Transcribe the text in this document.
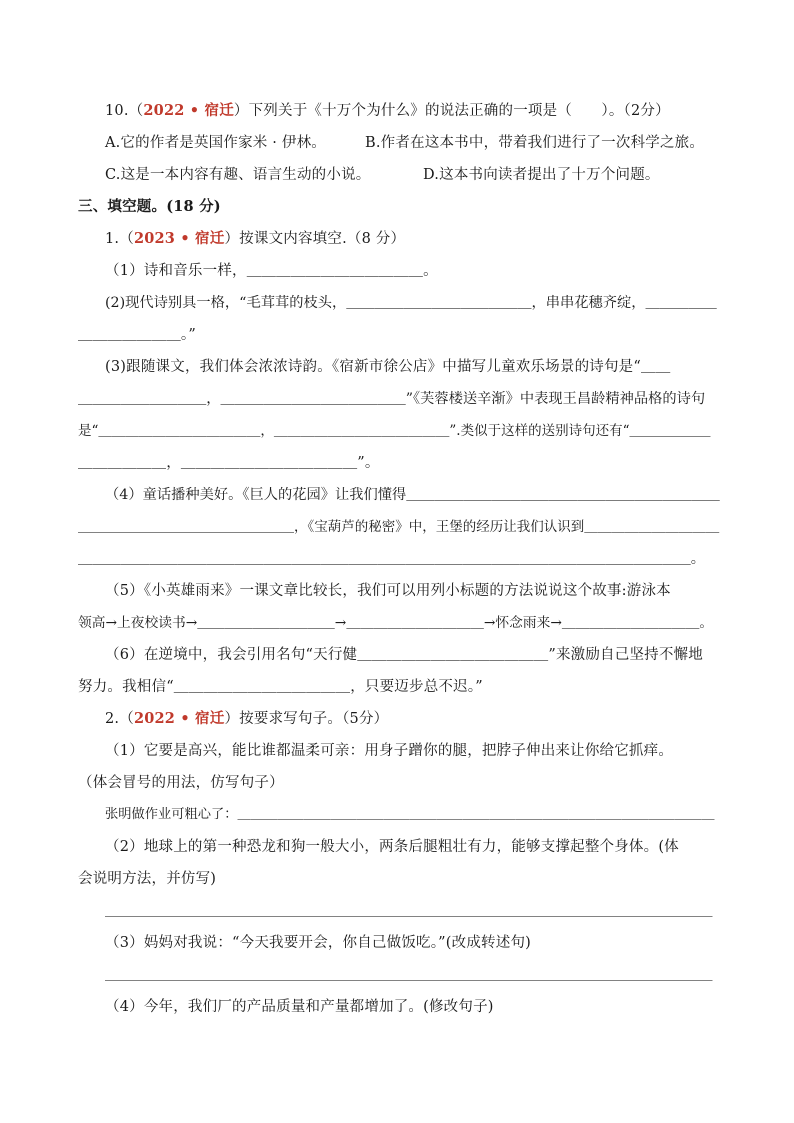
10.（2022 • 宿迁）下列关于《十万个为什么》的说法正确的一项是（　　）。（2分）
A.它的作者是英国作家米 · 伊林。	B.作者在这本书中，带着我们进行了一次科学之旅。
C.这是一本内容有趣、语言生动的小说。	D.这本书向读者提出了十万个问题。
三、填空题。(18 分)
1.（2023 • 宿迁）按课文内容填空.（8 分）
（1）诗和音乐一样，＿＿＿＿＿＿＿＿＿＿＿＿。
(2)现代诗别具一格，“毛茸茸的枝头，＿＿＿＿＿＿＿＿＿＿＿＿＿，串串花穗齐绽，＿＿＿＿＿
＿＿＿＿＿＿＿。”
(3)跟随课文，我们体会浓浓诗韵。《宿新市徐公店》中描写儿童欢乐场景的诗句是“＿＿
＿＿＿＿＿＿＿＿＿，＿＿＿＿＿＿＿＿＿＿＿＿＿”《芙蓉楼送辛渐》中表现王昌龄精神品格的诗句
是“＿＿＿＿＿＿＿＿＿＿＿＿，＿＿＿＿＿＿＿＿＿＿＿＿＿”.类似于这样的送别诗句还有“＿＿＿＿＿＿
＿＿＿＿＿＿，＿＿＿＿＿＿＿＿＿＿＿＿”。
（4）童话播种美好。《巨人的花园》让我们懂得＿＿＿＿＿＿＿＿＿＿＿＿＿＿＿＿＿＿＿＿＿＿
＿＿＿＿＿＿＿＿＿＿＿＿＿＿＿＿，《宝葫芦的秘密》中，王堡的经历让我们认识到＿＿＿＿＿＿＿＿＿＿
＿＿＿＿＿＿＿＿＿＿＿＿＿＿＿＿＿＿＿＿＿＿＿＿＿＿＿＿＿＿＿＿＿＿＿＿＿＿＿＿＿＿＿。
（5）《小英雄雨来》一课文章比较长，我们可以用列小标题的方法说说这个故事:游泳本
领高→上夜校读书→＿＿＿＿＿＿＿＿＿＿→＿＿＿＿＿＿＿＿＿＿→怀念雨来→＿＿＿＿＿＿＿＿＿＿。
（6）在逆境中，我会引用名句“天行健＿＿＿＿＿＿＿＿＿＿＿＿＿”来激励自己坚持不懈地
努力。我相信“＿＿＿＿＿＿＿＿＿＿＿＿，只要迈步总不迟。”
2.（2022 • 宿迁）按要求写句子。（5分）
（1）它要是高兴，能比谁都温柔可亲：用身子蹭你的腿，把脖子伸出来让你给它抓痒。
（体会冒号的用法，仿写句子）
张明做作业可粗心了：＿＿＿＿＿＿＿＿＿＿＿＿＿＿＿＿＿＿＿＿＿＿＿＿＿＿＿＿＿＿＿＿＿＿＿＿
（2）地球上的第一种恐龙和狗一般大小，两条后腿粗壮有力，能够支撑起整个身体。(体
会说明方法，并仿写)
＿＿＿＿＿＿＿＿＿＿＿＿＿＿＿＿＿＿＿＿＿＿＿＿＿＿＿＿＿＿＿＿＿＿＿＿＿＿＿＿＿＿＿＿＿
（3）妈妈对我说：“今天我要开会，你自己做饭吃。”(改成转述句)
＿＿＿＿＿＿＿＿＿＿＿＿＿＿＿＿＿＿＿＿＿＿＿＿＿＿＿＿＿＿＿＿＿＿＿＿＿＿＿＿＿＿＿＿＿
（4）今年，我们厂的产品质量和产量都增加了。(修改句子)
